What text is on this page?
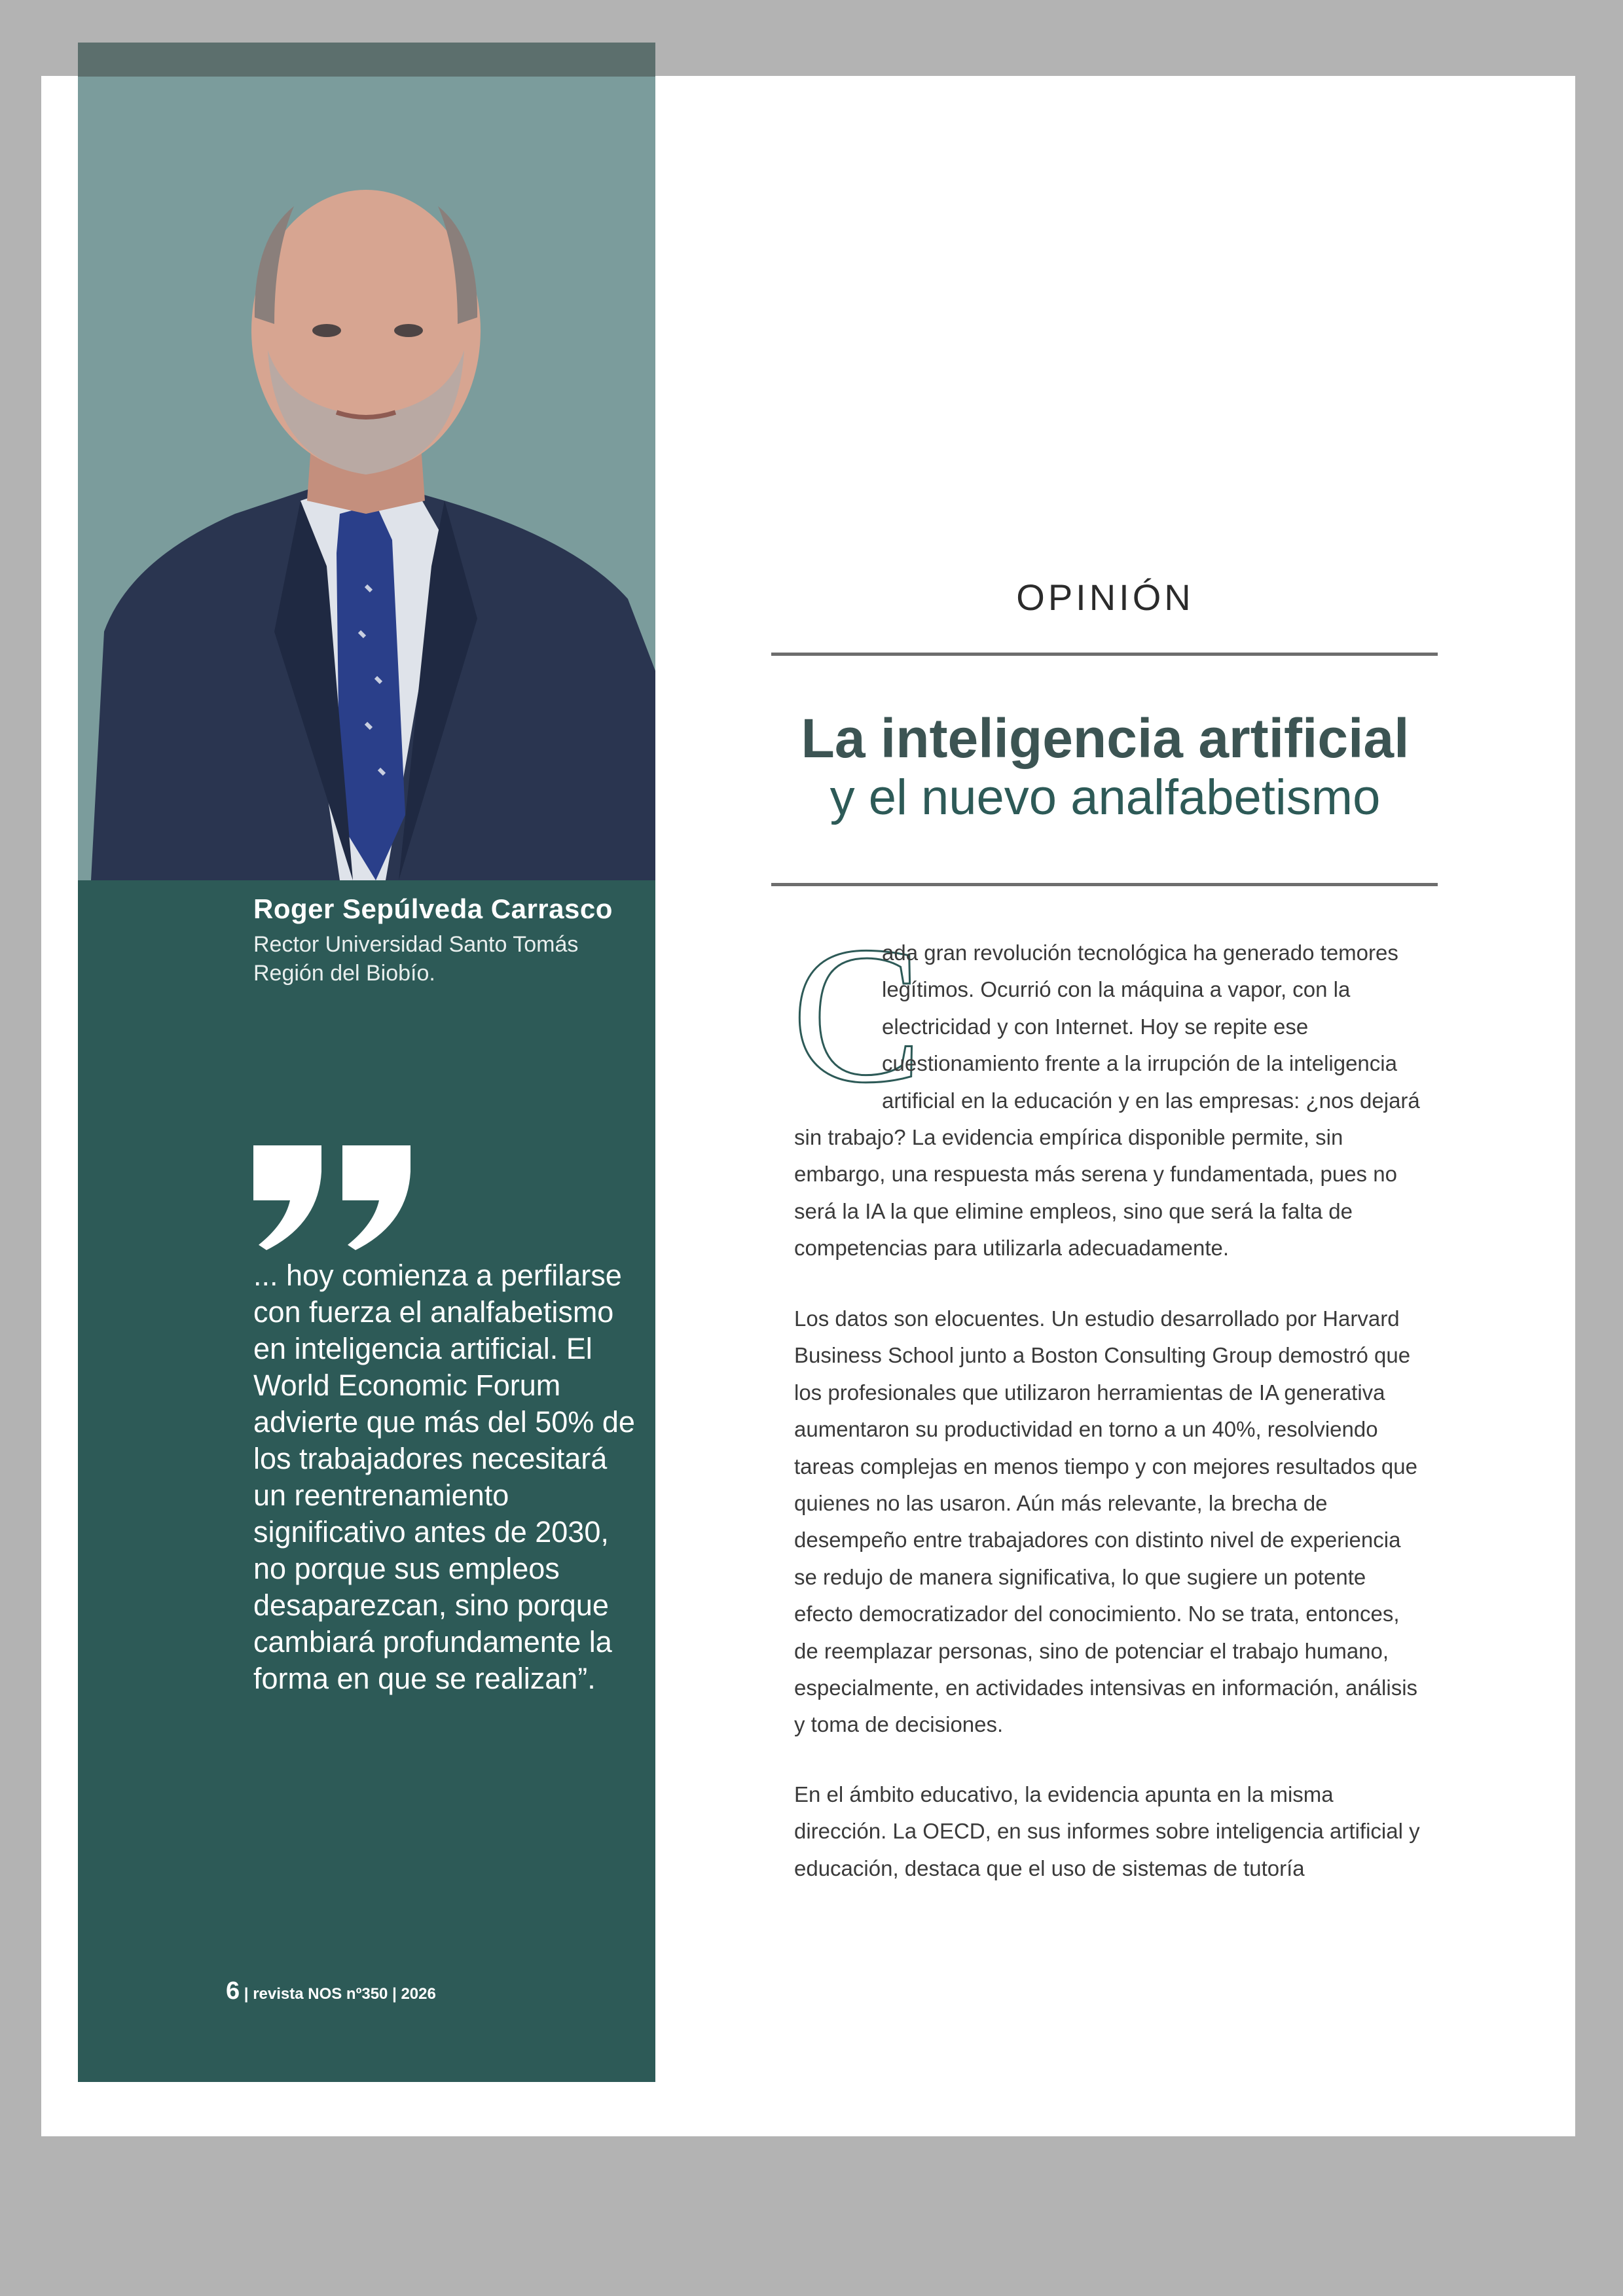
Roger Sepúlveda Carrasco
Rector Universidad Santo Tomás
Región del Biobío.
... hoy comienza a perfilarse con fuerza el analfabetismo en inteligencia artificial. El World Economic Forum advierte que más del 50% de los trabajadores necesitará un reentrenamiento significativo antes de 2030, no porque sus empleos desaparezcan, sino porque cambiará profundamente la forma en que se realizan”.
6 | revista NOS nº350 | 2026
OPINIÓN
La inteligencia artificial
y el nuevo analfabetismo
C

ada gran revolución tecnológica ha generado temores legítimos. Ocurrió con la máquina a vapor, con la electricidad y con Internet. Hoy se repite ese cuestionamiento frente a la irrupción de la inteligencia artificial en la educación y en las empresas: ¿nos dejará sin trabajo? La evidencia empírica disponible permite, sin embargo, una respuesta más serena y fundamentada, pues no será la IA la que elimine empleos, sino que será la falta de competencias para utilizarla adecuadamente.

Los datos son elocuentes. Un estudio desarrollado por Harvard Business School junto a Boston Consulting Group demostró que los profesionales que utilizaron herramientas de IA generativa aumentaron su productividad en torno a un 40%, resolviendo tareas complejas en menos tiempo y con mejores resultados que quienes no las usaron. Aún más relevante, la brecha de desempeño entre trabajadores con distinto nivel de experiencia se redujo de manera significativa, lo que sugiere un potente efecto democratizador del conocimiento. No se trata, entonces, de reemplazar personas, sino de potenciar el trabajo humano, especialmente, en actividades intensivas en información, análisis y toma de decisiones.

En el ámbito educativo, la evidencia apunta en la misma dirección. La OECD, en sus informes sobre inteligencia artificial y educación, destaca que el uso de sistemas de tutoría
